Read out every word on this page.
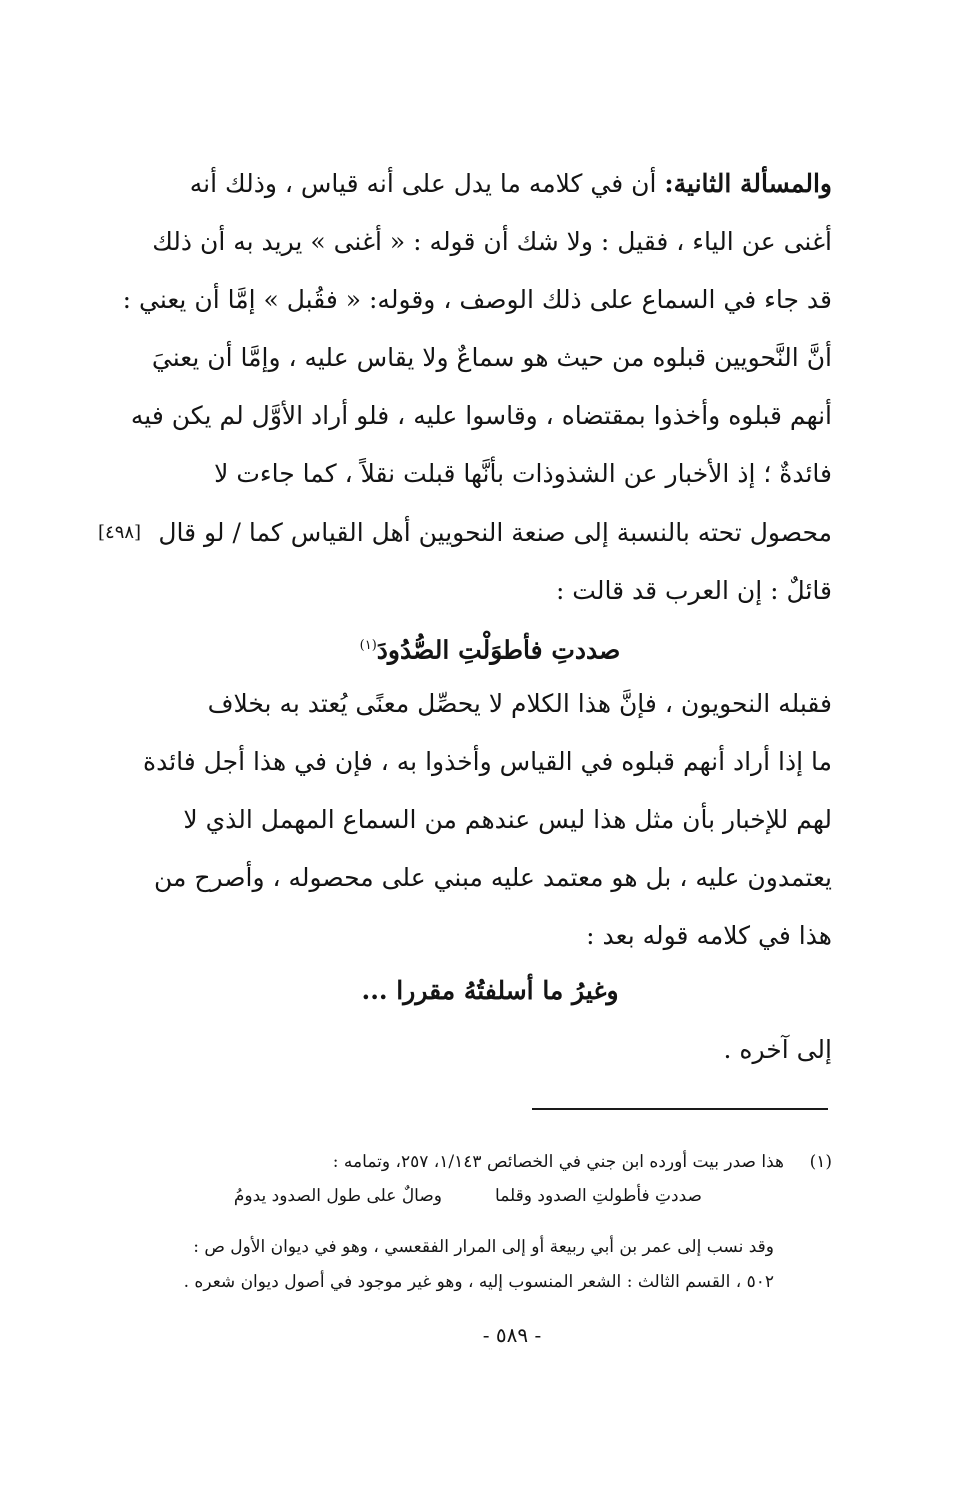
والمسألة الثانية: أن في كلامه ما يدل على أنه قياس ، وذلك أنه
أغنى عن الياء ، فقيل : ولا شك أن قوله : « أغنى » يريد به أن ذلك
قد جاء في السماع على ذلك الوصف ، وقوله: « فقُبل » إمَّا أن يعني :
أنَّ النَّحويين قبلوه من حيث هو سماعٌ ولا يقاس عليه ، وإمَّا أن يعنيَ
أنهم قبلوه وأخذوا بمقتضاه ، وقاسوا عليه ، فلو أراد الأوَّل لم يكن فيه
فائدةٌ ؛ إذ الأخبار عن الشذوذات بأنَّها قبلت نقلاً ، كما جاءت لا
محصول تحته بالنسبة إلى صنعة النحويين أهل القياس كما / لو قال
[٤٩٨]
قائلٌ : إن العرب قد قالت :
صددتِ فأطوَلْتِ الصُّدُودَ$^{(١)}$
فقبله النحويون ، فإنَّ هذا الكلام لا يحصِّل معنًى يُعتد به بخلاف
ما إذا أراد أنهم قبلوه في القياس وأخذوا به ، فإن في هذا أجل فائدة
لهم للإخبار بأن مثل هذا ليس عندهم من السماع المهمل الذي لا
يعتمدون عليه ، بل هو معتمد عليه مبني على محصوله ، وأصرح من
هذا في كلامه قوله بعد :
وغيرُ ما أسلفتُهُ مقررا ...
إلى آخره .
(١)
هذا صدر بيت أورده ابن جني في الخصائص ١/١٤٣، ٢٥٧، وتمامه :
صددتِ فأطولتِ الصدود وقلما
وصالٌ على طول الصدود يدومُ
وقد نسب إلى عمر بن أبي ربيعة أو إلى المرار الفقعسي ، وهو في ديوان الأول ص :
٥٠٢ ، القسم الثالث : الشعر المنسوب إليه ، وهو غير موجود في أصول ديوان شعره .
- ٥٨٩ -
